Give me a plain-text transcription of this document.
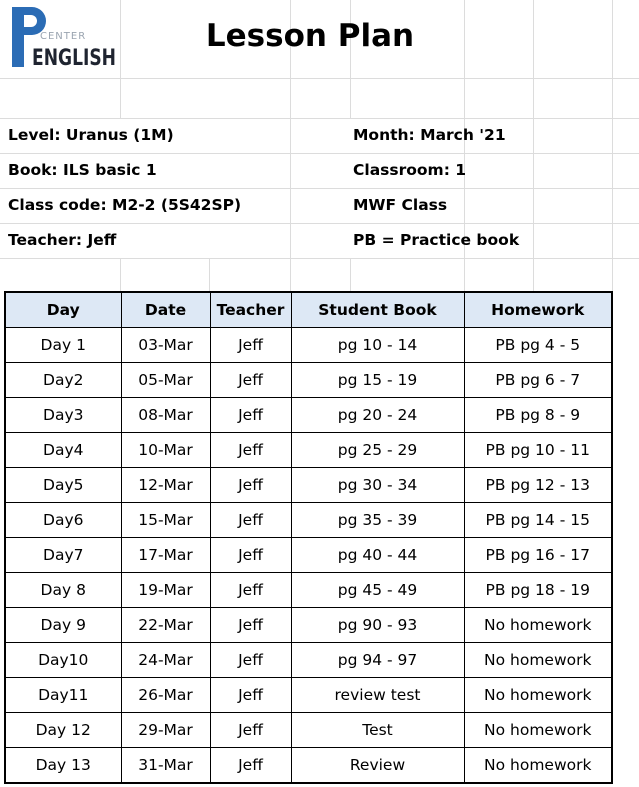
CENTER
ENGLISH
Lesson Plan
Level: Uranus (1M)	Month: March '21
Book: ILS basic 1	Classroom: 1
Class code: M2-2 (5S42SP)	MWF Class
Teacher: Jeff	PB = Practice book
Day	Date	Teacher	Student Book	Homework
Day 1	03-Mar	Jeff	pg 10 - 14	PB pg 4 - 5
Day2	05-Mar	Jeff	pg 15 - 19	PB pg 6 - 7
Day3	08-Mar	Jeff	pg 20 - 24	PB pg 8 - 9
Day4	10-Mar	Jeff	pg 25 - 29	PB pg 10 - 11
Day5	12-Mar	Jeff	pg 30 - 34	PB pg 12 - 13
Day6	15-Mar	Jeff	pg 35 - 39	PB pg 14 - 15
Day7	17-Mar	Jeff	pg 40 - 44	PB pg 16 - 17
Day 8	19-Mar	Jeff	pg 45 - 49	PB pg 18 - 19
Day 9	22-Mar	Jeff	pg 90 - 93	No homework
Day10	24-Mar	Jeff	pg 94 - 97	No homework
Day11	26-Mar	Jeff	review test	No homework
Day 12	29-Mar	Jeff	Test	No homework
Day 13	31-Mar	Jeff	Review	No homework
